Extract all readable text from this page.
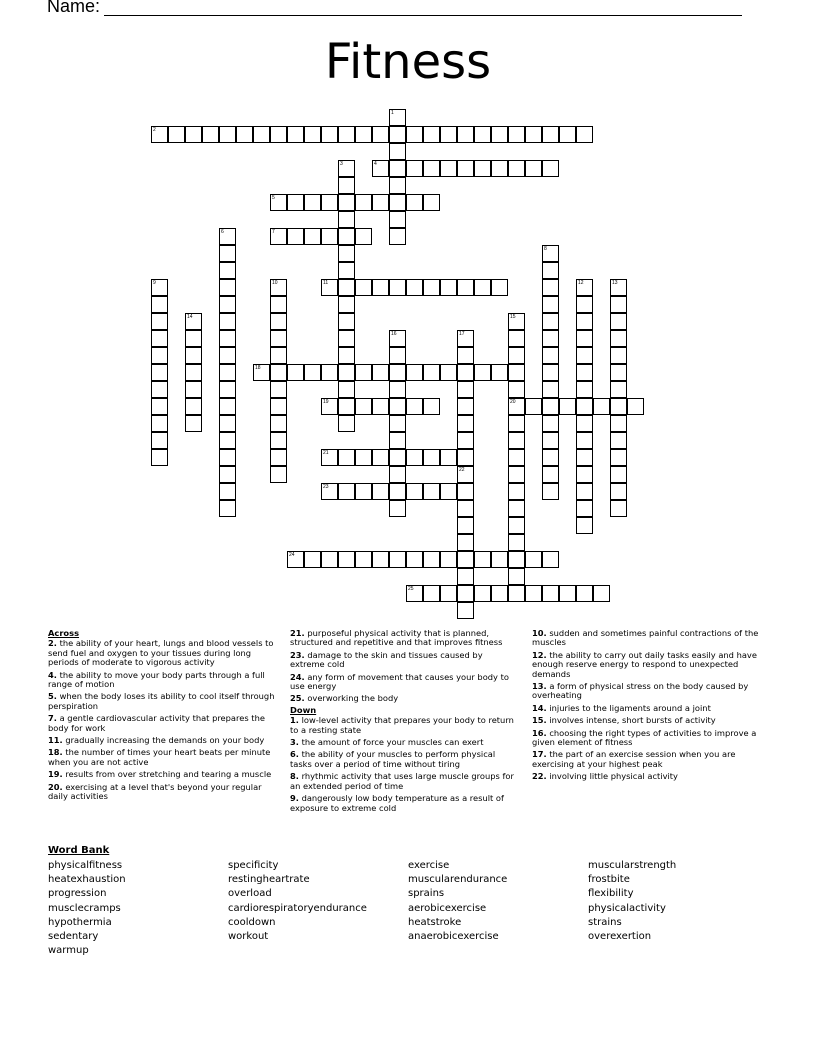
Name:
Fitness
1
2
3	4
5
6	7
8
9	10	11	12	13
14	15
16	17
18
19	20
21
22
23
24
25
Across
2. the ability of your heart, lungs and blood vessels to send fuel and oxygen to your tissues during long periods of moderate to vigorous activity
4. the ability to move your body parts through a full range of motion
5. when the body loses its ability to cool itself through perspiration
7. a gentle cardiovascular activity that prepares the body for work
11. gradually increasing the demands on your body
18. the number of times your heart beats per minute when you are not active
19. results from over stretching and tearing a muscle
20. exercising at a level that's beyond your regular daily activities
21. purposeful physical activity that is planned, structured and repetitive and that improves fitness
23. damage to the skin and tissues caused by extreme cold
24. any form of movement that causes your body to use energy
25. overworking the body
Down
1. low-level activity that prepares your body to return to a resting state
3. the amount of force your muscles can exert
6. the ability of your muscles to perform physical tasks over a period of time without tiring
8. rhythmic activity that uses large muscle groups for an extended period of time
9. dangerously low body temperature as a result of exposure to extreme cold
10. sudden and sometimes painful contractions of the muscles
12. the ability to carry out daily tasks easily and have enough reserve energy to respond to unexpected demands
13. a form of physical stress on the body caused by overheating
14. injuries to the ligaments around a joint
15. involves intense, short bursts of activity
16. choosing the right types of activities to improve a given element of fitness
17. the part of an exercise session when you are exercising at your highest peak
22. involving little physical activity
Word Bank
physicalfitness
heatexhaustion
progression
musclecramps
hypothermia
sedentary
warmup
specificity
restingheartrate
overload
cardiorespiratoryendurance
cooldown
workout
exercise
muscularendurance
sprains
aerobicexercise
heatstroke
anaerobicexercise
muscularstrength
frostbite
flexibility
physicalactivity
strains
overexertion
